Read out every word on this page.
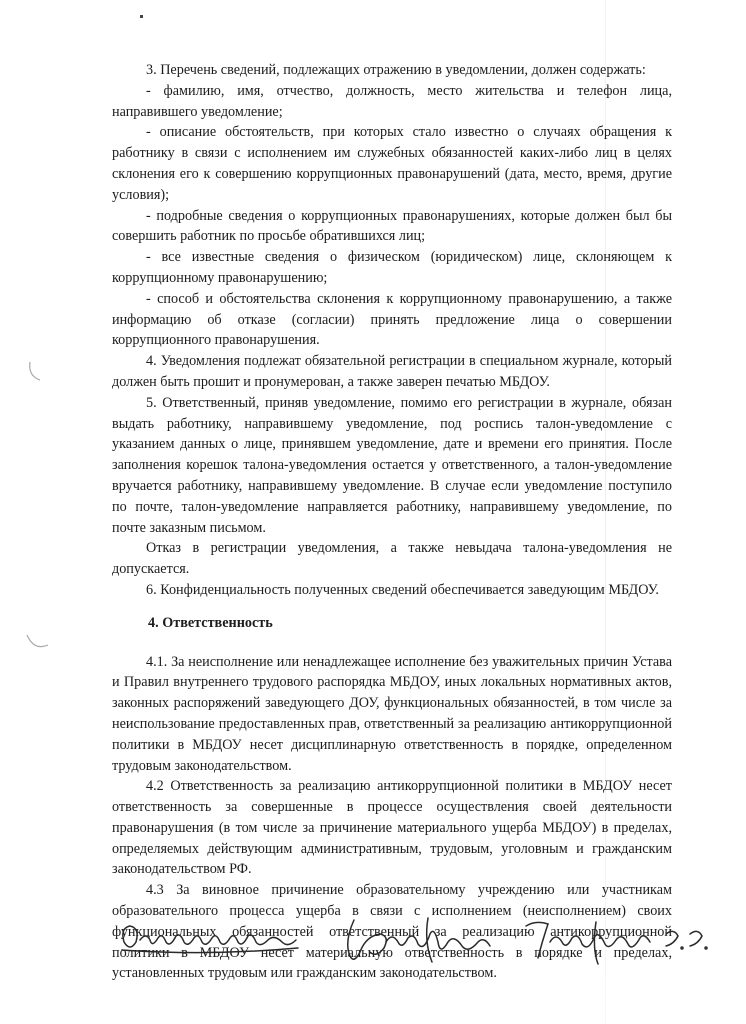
3. Перечень сведений, подлежащих отражению в уведомлении, должен содержать:

- фамилию, имя, отчество, должность, место жительства и телефон лица, направившего уведомление;

- описание обстоятельств, при которых стало известно о случаях обращения к работнику в связи с исполнением им служебных обязанностей каких-либо лиц в целях склонения его к совершению коррупционных правонарушений (дата, место, время, другие условия);

- подробные сведения о коррупционных правонарушениях, которые должен был бы совершить работник по просьбе обратившихся лиц;

- все известные сведения о физическом (юридическом) лице, склоняющем к коррупционному правонарушению;

- способ и обстоятельства склонения к коррупционному правонарушению, а также информацию об отказе (согласии) принять предложение лица о совершении коррупционного правонарушения.

4. Уведомления подлежат обязательной регистрации в специальном журнале, который должен быть прошит и пронумерован, а также заверен печатью МБДОУ.

5. Ответственный, приняв уведомление, помимо его регистрации в журнале, обязан выдать работнику, направившему уведомление, под роспись талон-уведомление с указанием данных о лице, принявшем уведомление, дате и времени его принятия. После заполнения корешок талона-уведомления остается у ответственного, а талон-уведомление вручается работнику, направившему уведомление. В случае если уведомление поступило по почте, талон-уведомление направляется работнику, направившему уведомление, по почте заказным письмом.

Отказ в регистрации уведомления, а также невыдача талона-уведомления не допускается.

6. Конфиденциальность полученных сведений обеспечивается заведующим МБДОУ.

4. Ответственность

4.1. За неисполнение или ненадлежащее исполнение без уважительных причин Устава и Правил внутреннего трудового распорядка МБДОУ, иных локальных нормативных актов, законных распоряжений заведующего ДОУ, функциональных обязанностей, в том числе за неиспользование предоставленных прав, ответственный за реализацию антикоррупционной политики в МБДОУ несет дисциплинарную ответственность в порядке, определенном трудовым законодательством.

4.2 Ответственность за реализацию антикоррупционной политики в МБДОУ несет ответственность за совершенные в процессе осуществления своей деятельности правонарушения (в том числе за причинение материального ущерба МБДОУ) в пределах, определяемых действующим административным, трудовым, уголовным и гражданским законодательством РФ.

4.3 За виновное причинение образовательному учреждению или участникам образовательного процесса ущерба в связи с исполнением (неисполнением) своих функциональных обязанностей ответственный за реализацию антикоррупционной политики в МБДОУ несет материальную ответственность в порядке и пределах, установленных трудовым или гражданским законодательством.
